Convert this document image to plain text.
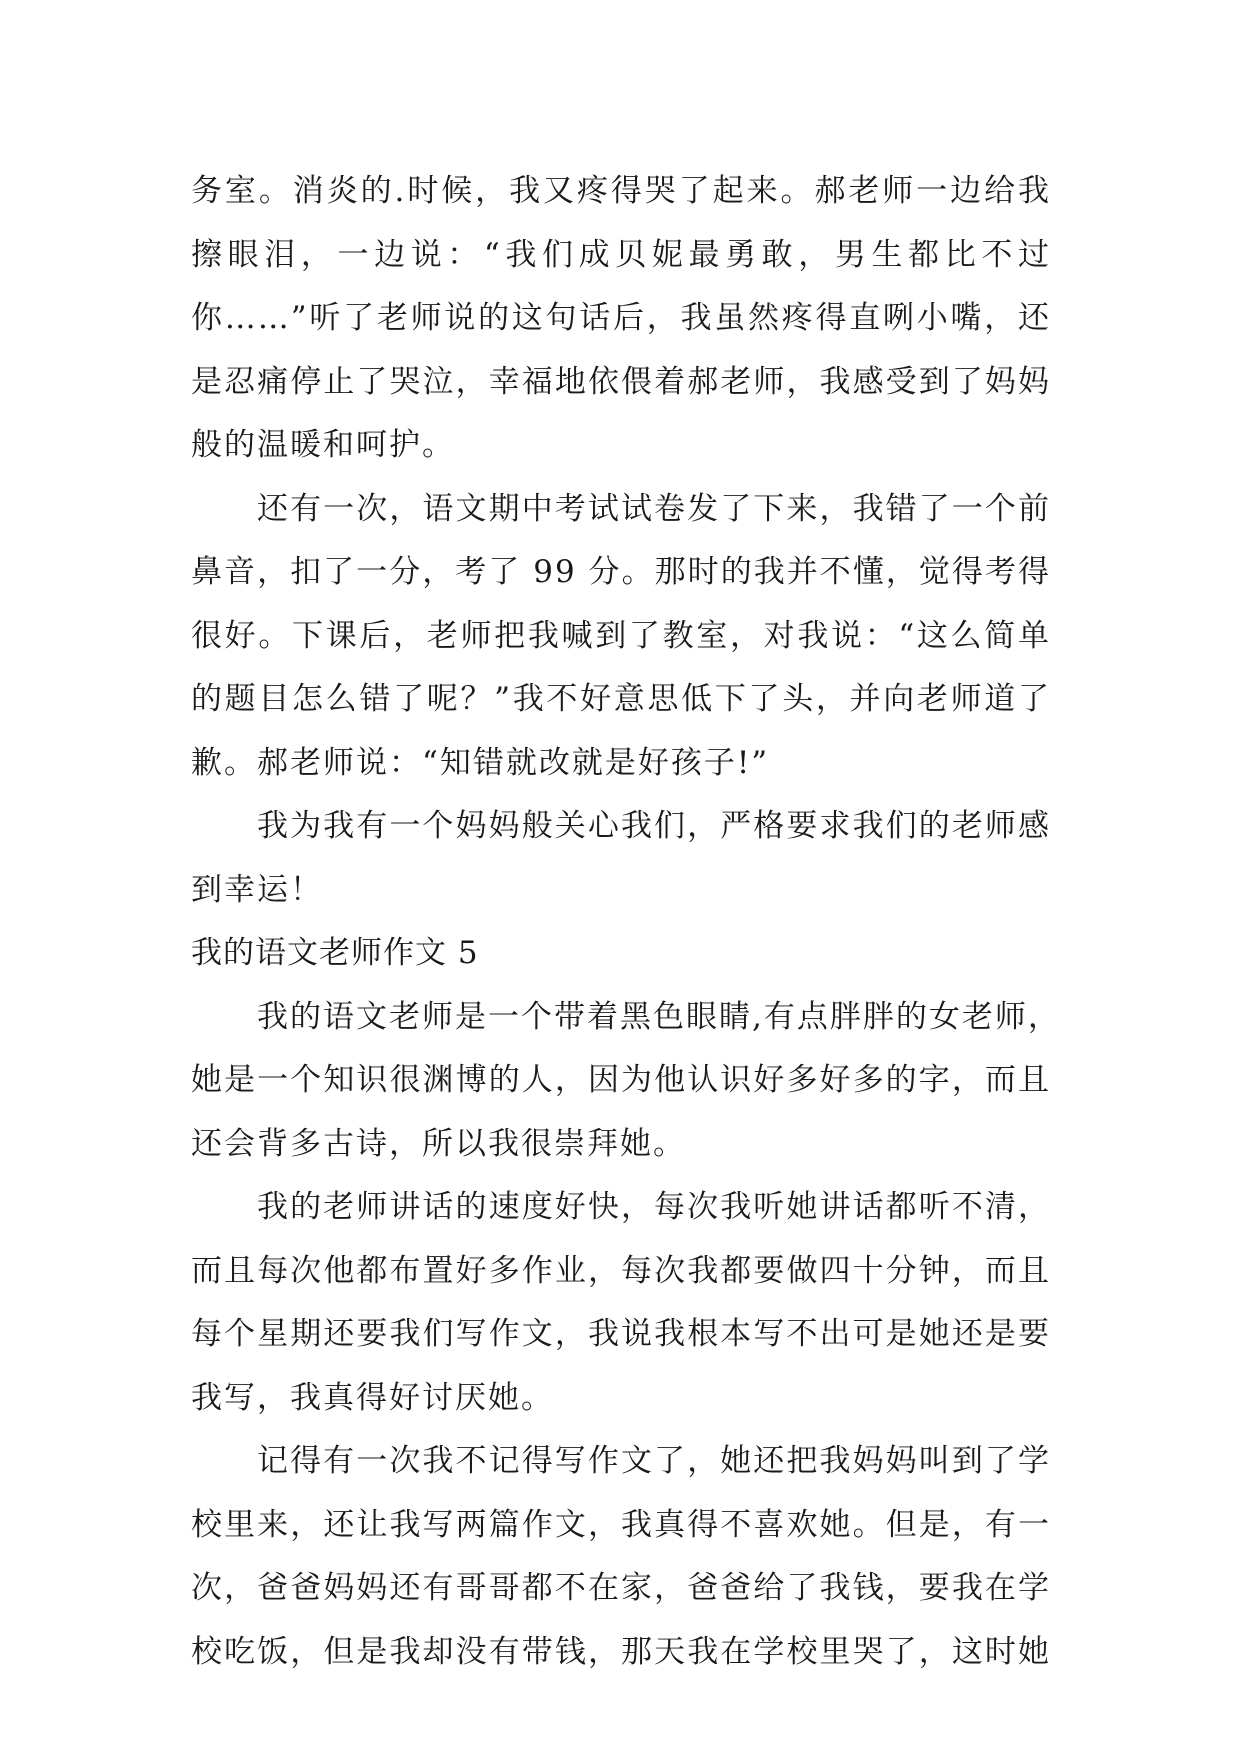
务室。消炎的.时候，我又疼得哭了起来。郝老师一边给我
擦眼泪，一边说：“我们成贝妮最勇敢，男生都比不过
你……”听了老师说的这句话后，我虽然疼得直咧小嘴，还
是忍痛停止了哭泣，幸福地依偎着郝老师，我感受到了妈妈
般的温暖和呵护。
还有一次，语文期中考试试卷发了下来，我错了一个前
鼻音，扣了一分，考了 99 分。那时的我并不懂，觉得考得
很好。下课后，老师把我喊到了教室，对我说：“这么简单
的题目怎么错了呢？”我不好意思低下了头，并向老师道了
歉。郝老师说：“知错就改就是好孩子!”
我为我有一个妈妈般关心我们，严格要求我们的老师感
到幸运！
我的语文老师作文 5
我的语文老师是一个带着黑色眼睛,有点胖胖的女老师，
她是一个知识很渊博的人，因为他认识好多好多的字，而且
还会背多古诗，所以我很崇拜她。
我的老师讲话的速度好快，每次我听她讲话都听不清，
而且每次他都布置好多作业，每次我都要做四十分钟，而且
每个星期还要我们写作文，我说我根本写不出可是她还是要
我写，我真得好讨厌她。
记得有一次我不记得写作文了，她还把我妈妈叫到了学
校里来，还让我写两篇作文，我真得不喜欢她。但是，有一
次，爸爸妈妈还有哥哥都不在家，爸爸给了我钱，要我在学
校吃饭，但是我却没有带钱，那天我在学校里哭了，这时她
